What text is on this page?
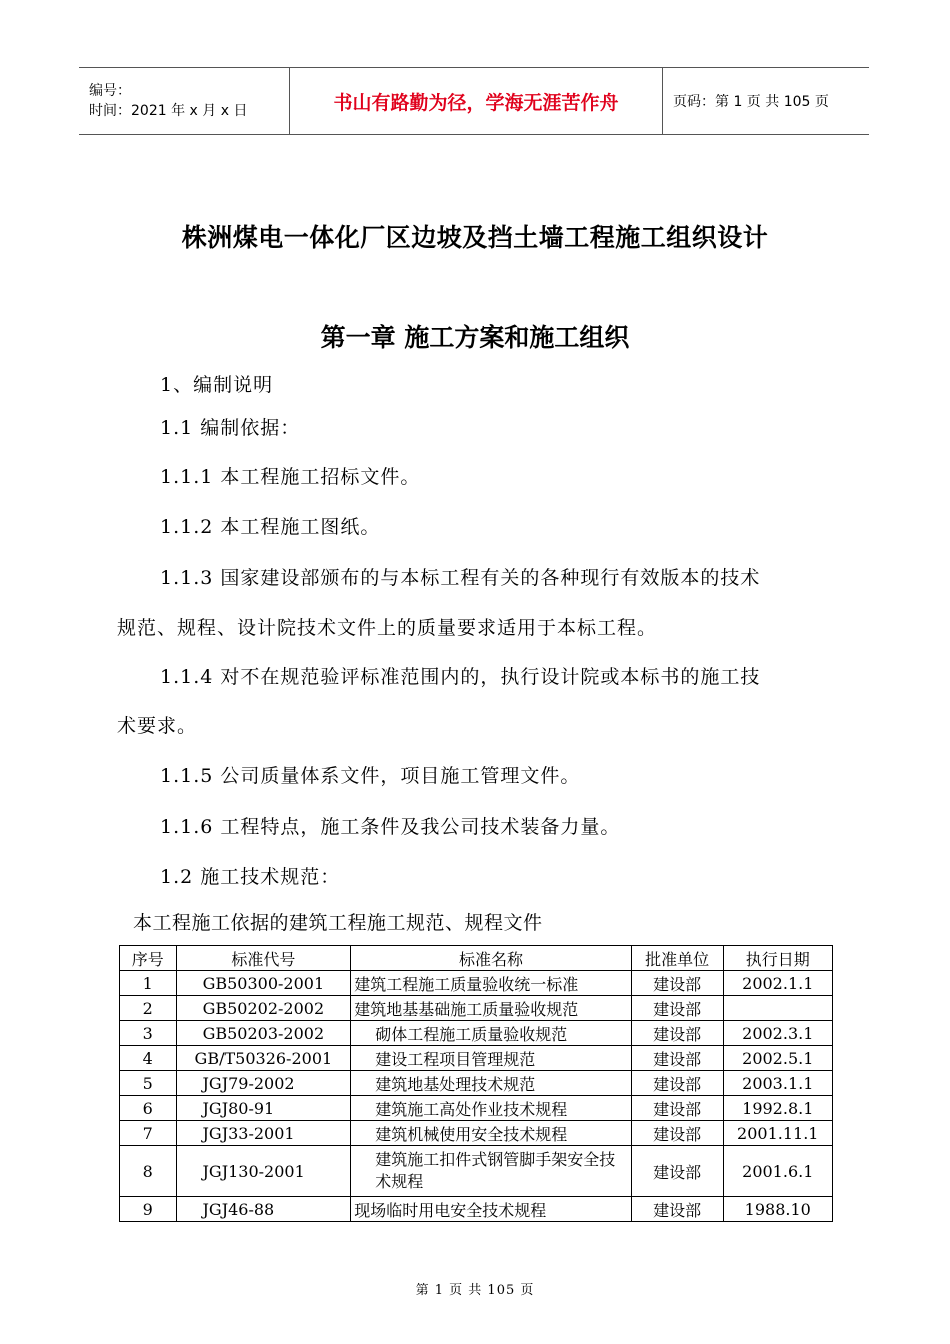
编号：
时间：2021 年 x 月 x 日	书山有路勤为径，学海无涯苦作舟	页码：第 1 页 共 105 页
株洲煤电一体化厂区边坡及挡土墙工程施工组织设计
第一章 施工方案和施工组织
1、编制说明
1.1 编制依据：
1.1.1 本工程施工招标文件。
1.1.2 本工程施工图纸。
1.1.3 国家建设部颁布的与本标工程有关的各种现行有效版本的技术
规范、规程、设计院技术文件上的质量要求适用于本标工程。
1.1.4 对不在规范验评标准范围内的，执行设计院或本标书的施工技
术要求。
1.1.5 公司质量体系文件，项目施工管理文件。
1.1.6 工程特点，施工条件及我公司技术装备力量。
1.2 施工技术规范：
本工程施工依据的建筑工程施工规范、规程文件
序号	标准代号	标准名称	批准单位	执行日期
1	GB50300-2001	建筑工程施工质量验收统一标准	建设部	2002.1.1
2	GB50202-2002	建筑地基基础施工质量验收规范	建设部	
3	GB50203-2002	砌体工程施工质量验收规范	建设部	2002.3.1
4	GB/T50326-2001	建设工程项目管理规范	建设部	2002.5.1
5	JGJ79-2002	建筑地基处理技术规范	建设部	2003.1.1
6	JGJ80-91	建筑施工高处作业技术规程	建设部	1992.8.1
7	JGJ33-2001	建筑机械使用安全技术规程	建设部	2001.11.1
8	JGJ130-2001	建筑施工扣件式钢管脚手架安全技术规程	建设部	2001.6.1
9	JGJ46-88	现场临时用电安全技术规程	建设部	1988.10
第 1 页 共 105 页
